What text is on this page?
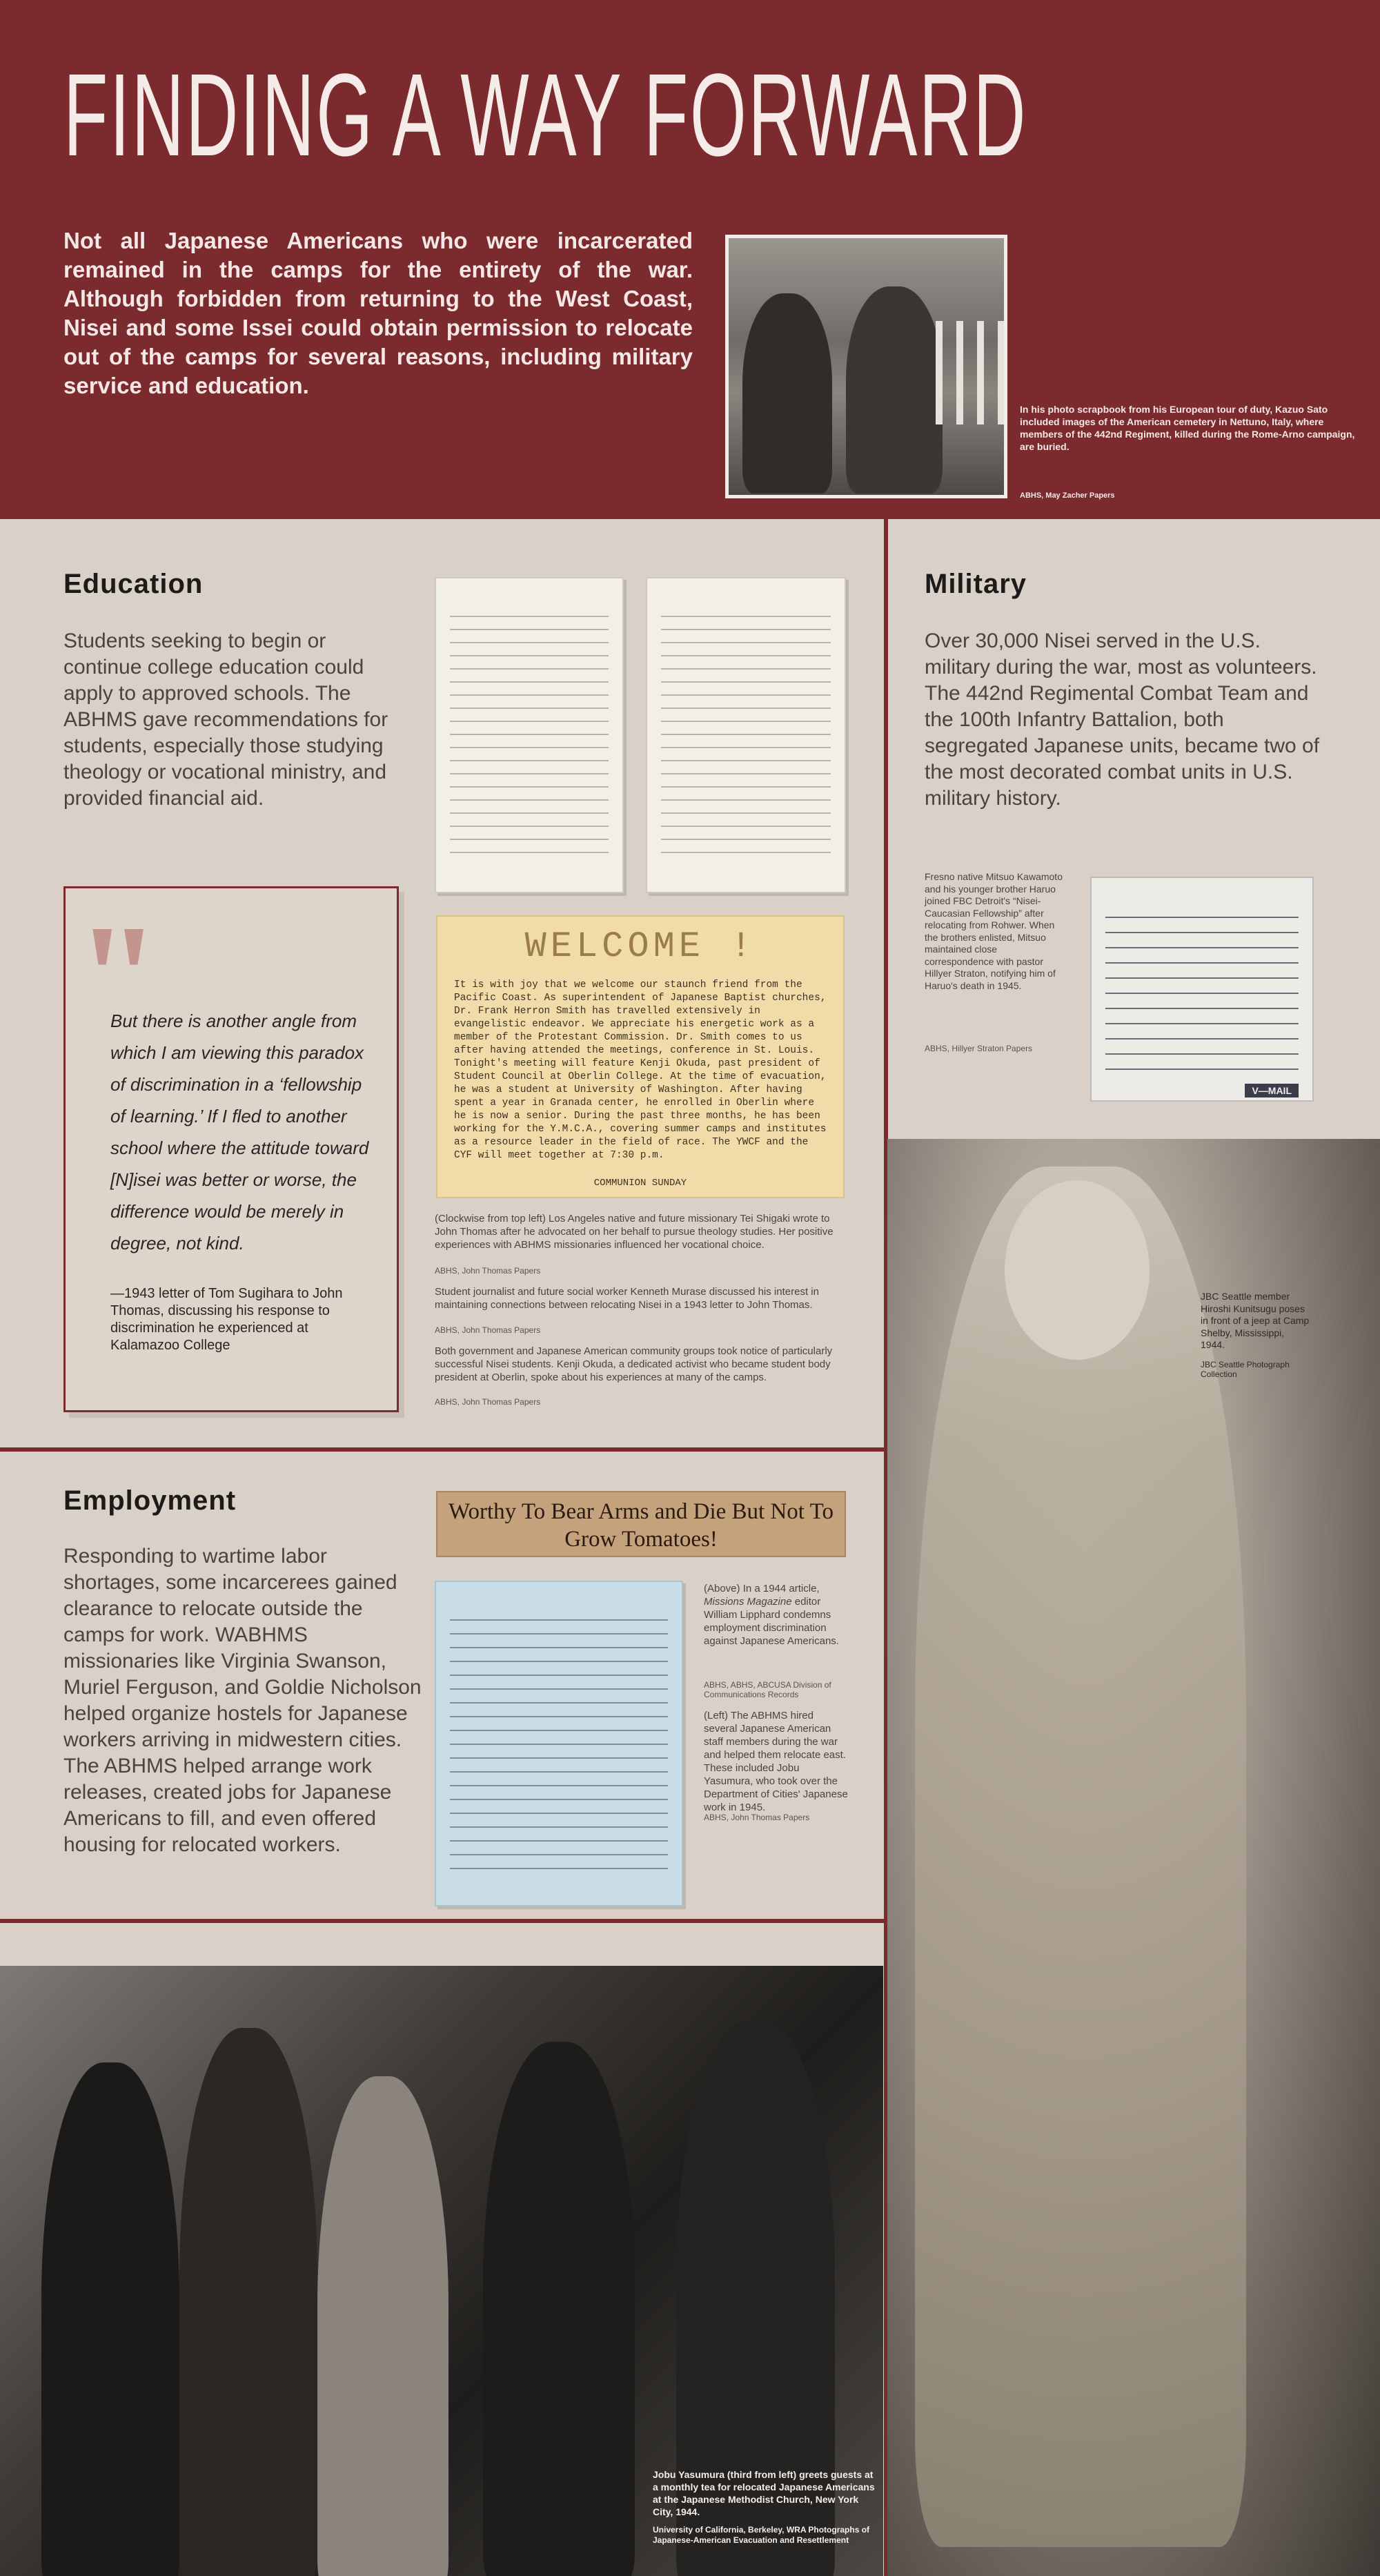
FINDING A WAY FORWARD
Not all Japanese Americans who were incarcerated remained in the camps for the entirety of the war. Although forbidden from returning to the West Coast, Nisei and some Issei could obtain permission to relocate out of the camps for several reasons, including military service and education.
In his photo scrapbook from his European tour of duty, Kazuo Sato included images of the American cemetery in Nettuno, Italy, where members of the 442nd Regiment, killed during the Rome-Arno campaign, are buried.
ABHS, May Zacher Papers
Education
Students seeking to begin or continue college education could apply to approved schools. The ABHMS gave recommendations for students, especially those studying theology or vocational ministry, and provided financial aid.
"
But there is another angle from which I am viewing this paradox of discrimination in a ‘fellowship of learning.’ If I fled to another school where the attitude toward [N]isei was better or worse, the difference would be merely in degree, not kind.
—1943 letter of Tom Sugihara to John Thomas, discussing his response to discrimination he experienced at Kalamazoo College
WELCOME !
It is with joy that we welcome our staunch friend from the Pacific Coast. As superintendent of Japanese Baptist churches, Dr. Frank Herron Smith has travelled extensively in evangelistic endeavor. We appreciate his energetic work as a member of the Protestant Commission. Dr. Smith comes to us after having attended the meetings, conference in St. Louis. Tonight's meeting will feature Kenji Okuda, past president of Student Council at Oberlin College. At the time of evacuation, he was a student at University of Washington. After having spent a year in Granada center, he enrolled in Oberlin where he is now a senior. During the past three months, he has been working for the Y.M.C.A., covering summer camps and institutes as a resource leader in the field of race. The YWCF and the CYF will meet together at 7:30 p.m.
COMMUNION SUNDAY
(Clockwise from top left) Los Angeles native and future missionary Tei Shigaki wrote to John Thomas after he advocated on her behalf to pursue theology studies. Her positive experiences with ABHMS missionaries influenced her vocational choice.
ABHS, John Thomas Papers
Student journalist and future social worker Kenneth Murase discussed his interest in maintaining connections between relocating Nisei in a 1943 letter to John Thomas.
ABHS, John Thomas Papers
Both government and Japanese American community groups took notice of particularly successful Nisei students. Kenji Okuda, a dedicated activist who became student body president at Oberlin, spoke about his experiences at many of the camps.
ABHS, John Thomas Papers
Military
Over 30,000 Nisei served in the U.S. military during the war, most as volunteers. The 442nd Regimental Combat Team and the 100th Infantry Battalion, both segregated Japanese units, became two of the most decorated combat units in U.S. military history.
Fresno native Mitsuo Kawamoto and his younger brother Haruo joined FBC Detroit's “Nisei-Caucasian Fellowship” after relocating from Rohwer. When the brothers enlisted, Mitsuo maintained close correspondence with pastor Hillyer Straton, notifying him of Haruo's death in 1945.
ABHS, Hillyer Straton Papers
V—MAIL
JBC Seattle member Hiroshi Kunitsugu poses in front of a jeep at Camp Shelby, Mississippi, 1944.
JBC Seattle Photograph Collection
Employment
Responding to wartime labor shortages, some incarcerees gained clearance to relocate outside the camps for work. WABHMS missionaries like Virginia Swanson, Muriel Ferguson, and Goldie Nicholson helped organize hostels for Japanese workers arriving in midwestern cities. The ABHMS helped arrange work releases, created jobs for Japanese Americans to fill, and even offered housing for relocated workers.
Worthy To Bear Arms and Die But Not To Grow Tomatoes!
(Above) In a 1944 article, Missions Magazine editor William Lipphard condemns employment discrimination against Japanese Americans.
ABHS, ABHS, ABCUSA Division of Communications Records
(Left) The ABHMS hired several Japanese American staff members during the war and helped them relocate east. These included Jobu Yasumura, who took over the Department of Cities' Japanese work in 1945.
ABHS, John Thomas Papers
Jobu Yasumura (third from left) greets guests at a monthly tea for relocated Japanese Americans at the Japanese Methodist Church, New York City, 1944.
University of California, Berkeley, WRA Photographs of Japanese-American Evacuation and Resettlement
